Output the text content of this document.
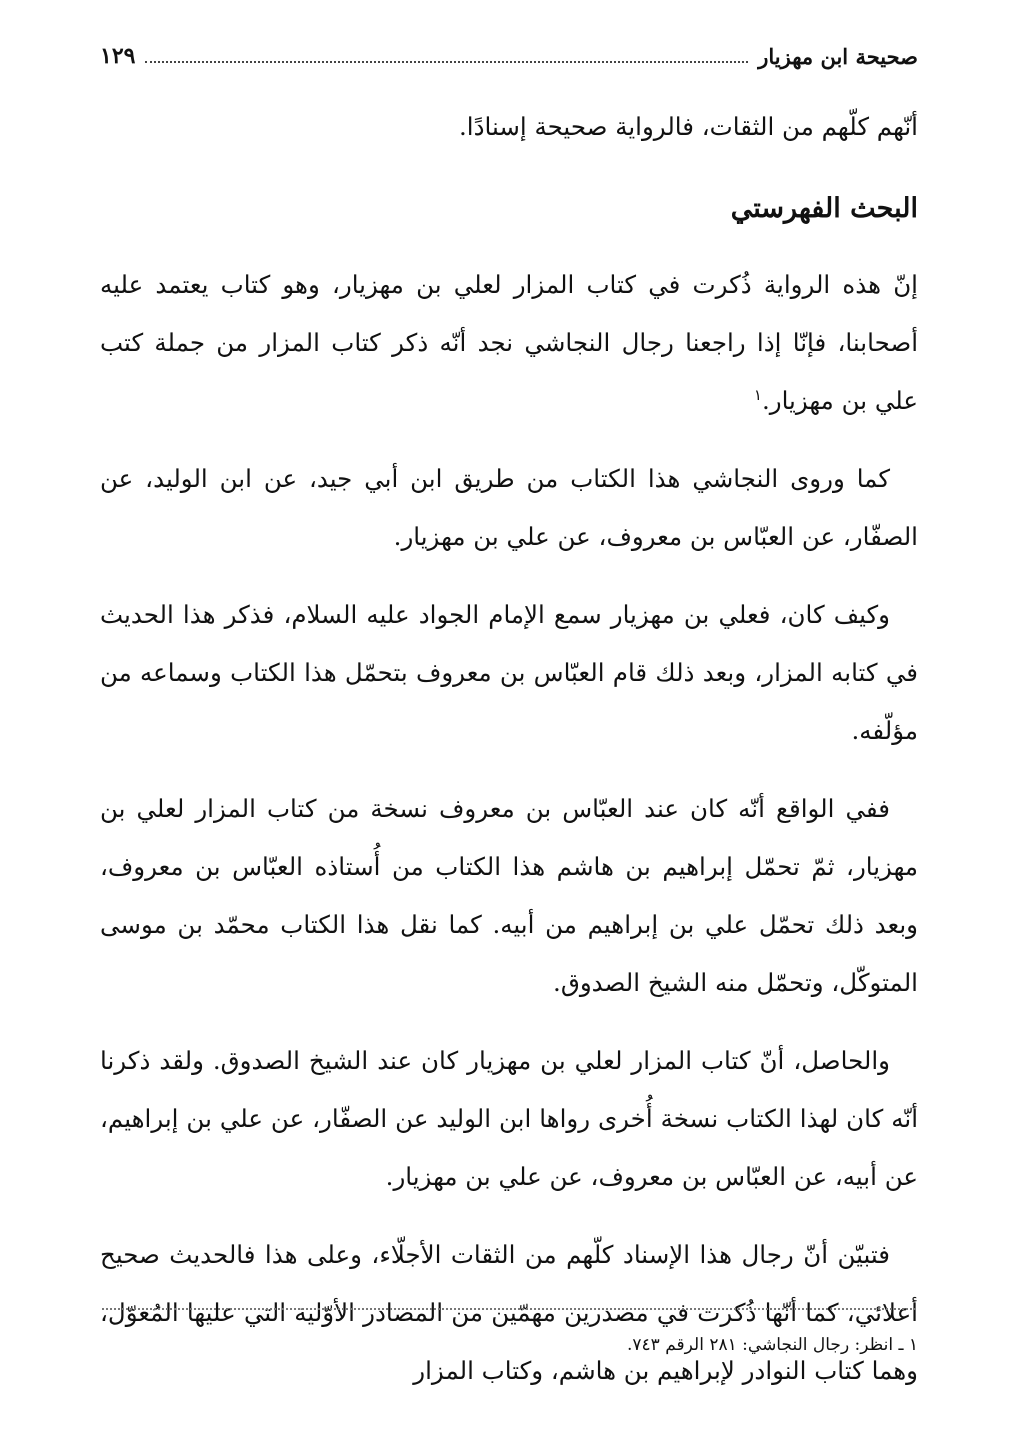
صحيحة ابن مهزيار
١٢٩

أنّهم كلّهم من الثقات، فالرواية صحيحة إسنادًا.

البحث الفهرستي

إنّ هذه الرواية ذُكرت في كتاب المزار لعلي بن مهزيار، وهو كتاب يعتمد عليه أصحابنا، فإنّا إذا راجعنا رجال النجاشي نجد أنّه ذكر كتاب المزار من جملة كتب علي بن مهزيار.$^١$

كما وروى النجاشي هذا الكتاب من طريق ابن أبي جيد، عن ابن الوليد، عن الصفّار، عن العبّاس بن معروف، عن علي بن مهزيار.

وكيف كان، فعلي بن مهزيار سمع الإمام الجواد عليه السلام، فذكر هذا الحديث في كتابه المزار، وبعد ذلك قام العبّاس بن معروف بتحمّل هذا الكتاب وسماعه من مؤلّفه.

ففي الواقع أنّه كان عند العبّاس بن معروف نسخة من كتاب المزار لعلي بن مهزيار، ثمّ تحمّل إبراهيم بن هاشم هذا الكتاب من أُستاذه العبّاس بن معروف، وبعد ذلك تحمّل علي بن إبراهيم من أبيه. كما نقل هذا الكتاب محمّد بن موسى المتوكّل، وتحمّل منه الشيخ الصدوق.

والحاصل، أنّ كتاب المزار لعلي بن مهزيار كان عند الشيخ الصدوق. ولقد ذكرنا أنّه كان لهذا الكتاب نسخة أُخرى رواها ابن الوليد عن الصفّار، عن علي بن إبراهيم، عن أبيه، عن العبّاس بن معروف، عن علي بن مهزيار.

فتبيّن أنّ رجال هذا الإسناد كلّهم من الثقات الأجلّاء، وعلى هذا فالحديث صحيح أعلائي، كما أنّها ذُكرت في مصدرين مهمّين من المصادر الأوّلية التي عليها المُعوّل، وهما كتاب النوادر لإبراهيم بن هاشم، وكتاب المزار

١ ـ انظر: رجال النجاشي: ٢٨١ الرقم ٧٤٣.
